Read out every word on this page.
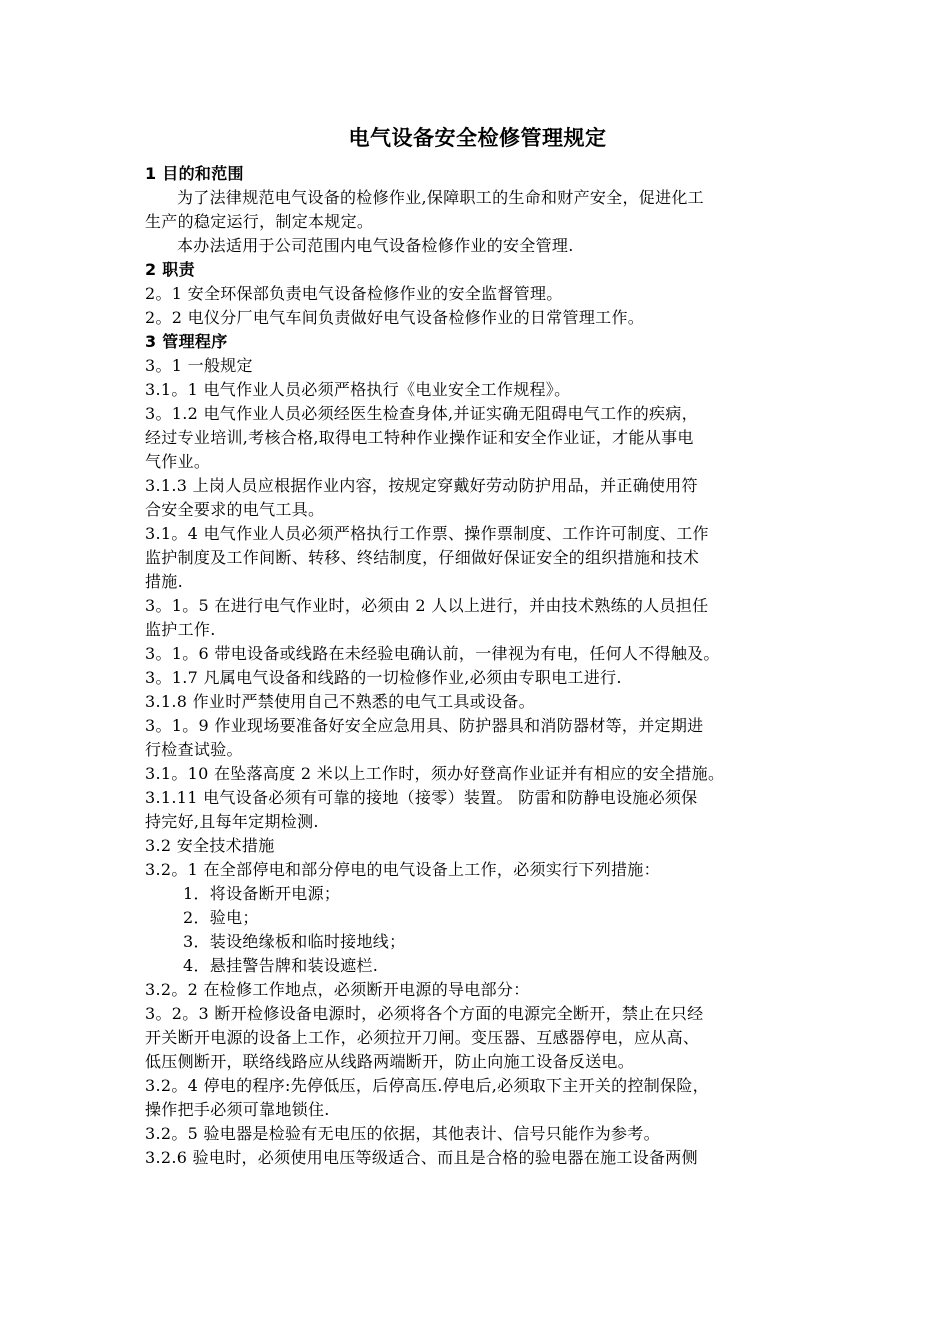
电气设备安全检修管理规定
1 目的和范围
为了法律规范电气设备的检修作业,保障职工的生命和财产安全，促进化工
生产的稳定运行，制定本规定。
本办法适用于公司范围内电气设备检修作业的安全管理.
2 职责
2。1 安全环保部负责电气设备检修作业的安全监督管理。
2。2 电仪分厂电气车间负责做好电气设备检修作业的日常管理工作。
3 管理程序
3。1 一般规定
3.1。1 电气作业人员必须严格执行《电业安全工作规程》。
3。1.2 电气作业人员必须经医生检查身体,并证实确无阻碍电气工作的疾病，
经过专业培训,考核合格,取得电工特种作业操作证和安全作业证，才能从事电
气作业。
3.1.3 上岗人员应根据作业内容，按规定穿戴好劳动防护用品，并正确使用符
合安全要求的电气工具。
3.1。4 电气作业人员必须严格执行工作票、操作票制度、工作许可制度、工作
监护制度及工作间断、转移、终结制度，仔细做好保证安全的组织措施和技术
措施.
3。1。5 在进行电气作业时，必须由 2 人以上进行，并由技术熟练的人员担任
监护工作.
3。1。6 带电设备或线路在未经验电确认前，一律视为有电，任何人不得触及。
3。1.7 凡属电气设备和线路的一切检修作业,必须由专职电工进行.
3.1.8 作业时严禁使用自己不熟悉的电气工具或设备。
3。1。9 作业现场要准备好安全应急用具、防护器具和消防器材等，并定期进
行检查试验。
3.1。10 在坠落高度 2 米以上工作时，须办好登高作业证并有相应的安全措施。
3.1.11 电气设备必须有可靠的接地（接零）装置。 防雷和防静电设施必须保
持完好,且每年定期检测.
3.2 安全技术措施
3.2。1 在全部停电和部分停电的电气设备上工作，必须实行下列措施：
1．将设备断开电源；
2．验电；
3．装设绝缘板和临时接地线；
4．悬挂警告牌和装设遮栏.
3.2。2 在检修工作地点，必须断开电源的导电部分：
3。2。3 断开检修设备电源时，必须将各个方面的电源完全断开，禁止在只经
开关断开电源的设备上工作，必须拉开刀闸。变压器、互感器停电，应从高、
低压侧断开，联络线路应从线路两端断开，防止向施工设备反送电。
3.2。4 停电的程序:先停低压，后停高压.停电后,必须取下主开关的控制保险，
操作把手必须可靠地锁住.
3.2。5 验电器是检验有无电压的依据，其他表计、信号只能作为参考。
3.2.6 验电时，必须使用电压等级适合、而且是合格的验电器在施工设备两侧
